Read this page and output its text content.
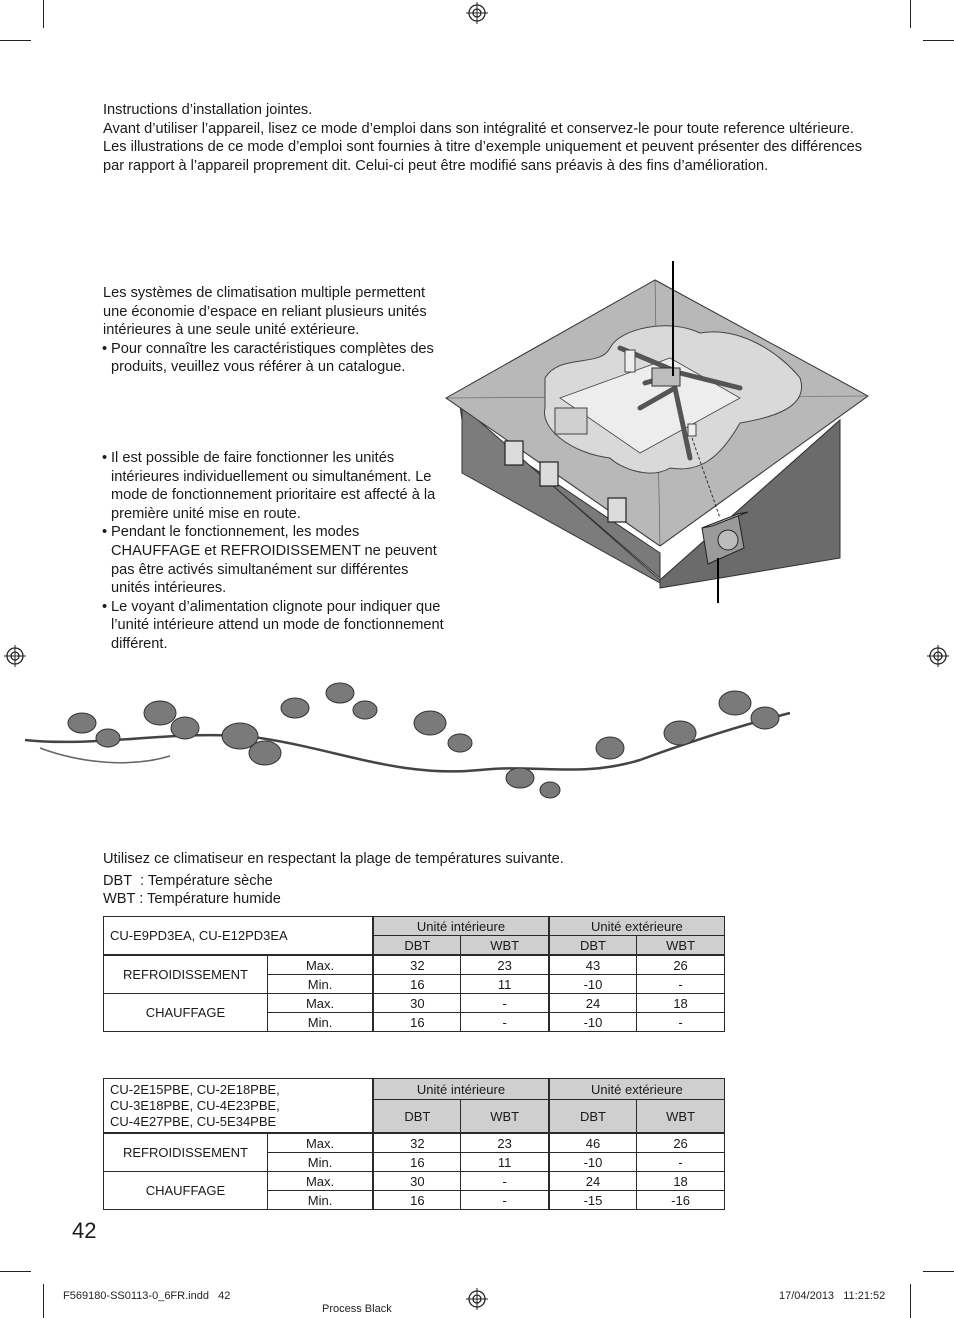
Instructions d’installation jointes.

Avant d’utiliser l’appareil, lisez ce mode d’emploi dans son intégralité et conservez-le pour toute reference ultérieure.

Les illustrations de ce mode d’emploi sont fournies à titre d’exemple uniquement et peuvent présenter des différences par rapport à l’appareil proprement dit. Celui-ci peut être modifié sans préavis à des fins d’amélioration.

Les systèmes de climatisation multiple permettent une économie d’espace en reliant plusieurs unités intérieures à une seule unité extérieure.

• Pour connaître les caractéristiques complètes des produits, veuillez vous référer à un catalogue.

• Il est possible de faire fonctionner les unités intérieures individuellement ou simultanément. Le mode de fonctionnement prioritaire est affecté à la première unité mise en route.

• Pendant le fonctionnement, les modes CHAUFFAGE et REFROIDISSEMENT ne peuvent pas être activés simultanément sur différentes unités intérieures.

• Le voyant d’alimentation clignote pour indiquer que l’unité intérieure attend un mode de fonctionnement différent.

Utilisez ce climatiseur en respectant la plage de températures suivante.

DBT  : Température sèche

WBT : Température humide

CU-E9PD3EA, CU-E12PD3EA		Unité intérieure		Unité extérieure	
		DBT	WBT	DBT	WBT
REFROIDISSEMENT	Max.	32	23	43	26
	Min.	16	11	-10	-
CHAUFFAGE	Max.	30	-	24	18
	Min.	16	-	-10	-
CU-2E15PBE, CU-2E18PBE,
CU-3E18PBE, CU-4E23PBE,
CU-4E27PBE, CU-5E34PBE		Unité intérieure		Unité extérieure	
		DBT	WBT	DBT	WBT
REFROIDISSEMENT	Max.	32	23	46	26
	Min.	16	11	-10	-
CHAUFFAGE	Max.	30	-	24	18
	Min.	16	-	-15	-16
42
F569180-SS0113-0_6FR.indd   42
Process Black
17/04/2013   11:21:52
